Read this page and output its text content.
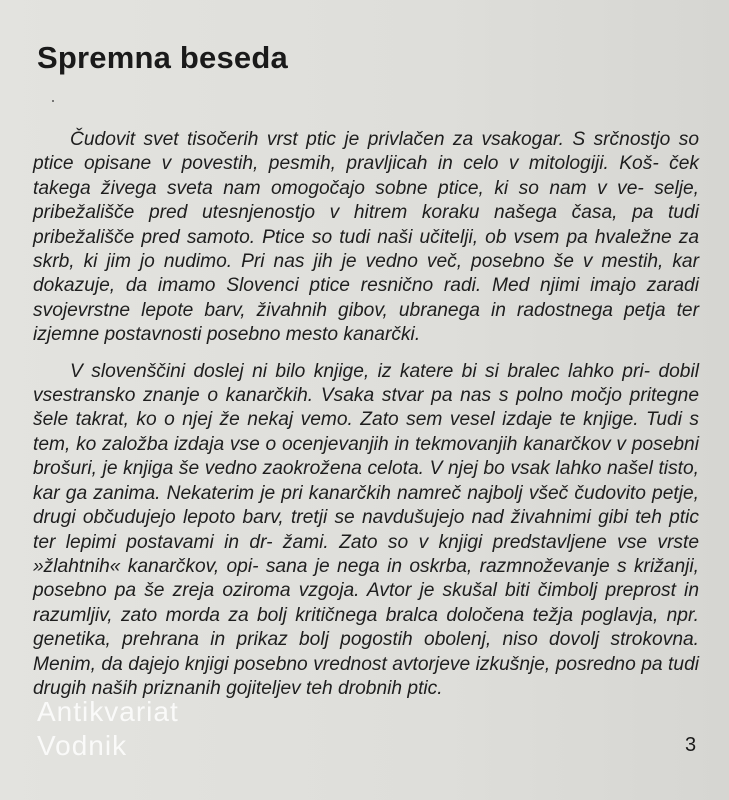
Spremna beseda

Čudovit svet tisočerih vrst ptic je privlačen za vsakogar. S srčnostjo so ptice opisane v povestih, pesmih, pravljicah in celo v mitologiji. Koš- ček takega živega sveta nam omogočajo sobne ptice, ki so nam v ve- selje, pribežališče pred utesnjenostjo v hitrem koraku našega časa, pa tudi pribežališče pred samoto. Ptice so tudi naši učitelji, ob vsem pa hvaležne za skrb, ki jim jo nudimo. Pri nas jih je vedno več, posebno še v mestih, kar dokazuje, da imamo Slovenci ptice resnično radi. Med njimi imajo zaradi svojevrstne lepote barv, živahnih gibov, ubranega in radostnega petja ter izjemne postavnosti posebno mesto kanarčki.

V slovenščini doslej ni bilo knjige, iz katere bi si bralec lahko pri- dobil vsestransko znanje o kanarčkih. Vsaka stvar pa nas s polno močjo pritegne šele takrat, ko o njej že nekaj vemo. Zato sem vesel izdaje te knjige. Tudi s tem, ko založba izdaja vse o ocenjevanjih in tekmovanjih kanarčkov v posebni brošuri, je knjiga še vedno zaokrožena celota. V njej bo vsak lahko našel tisto, kar ga zanima. Nekaterim je pri kanarčkih namreč najbolj všeč čudovito petje, drugi občudujejo lepoto barv, tretji se navdušujejo nad živahnimi gibi teh ptic ter lepimi postavami in dr- žami. Zato so v knjigi predstavljene vse vrste »žlahtnih« kanarčkov, opi- sana je nega in oskrba, razmnoževanje s križanji, posebno pa še zreja oziroma vzgoja. Avtor je skušal biti čimbolj preprost in razumljiv, zato morda za bolj kritičnega bralca določena težja poglavja, npr. genetika, prehrana in prikaz bolj pogostih obolenj, niso dovolj strokovna. Menim, da dajejo knjigi posebno vrednost avtorjeve izkušnje, posredno pa tudi drugih naših priznanih gojiteljev teh drobnih ptic.

Antikvariat
Vodnik	3
